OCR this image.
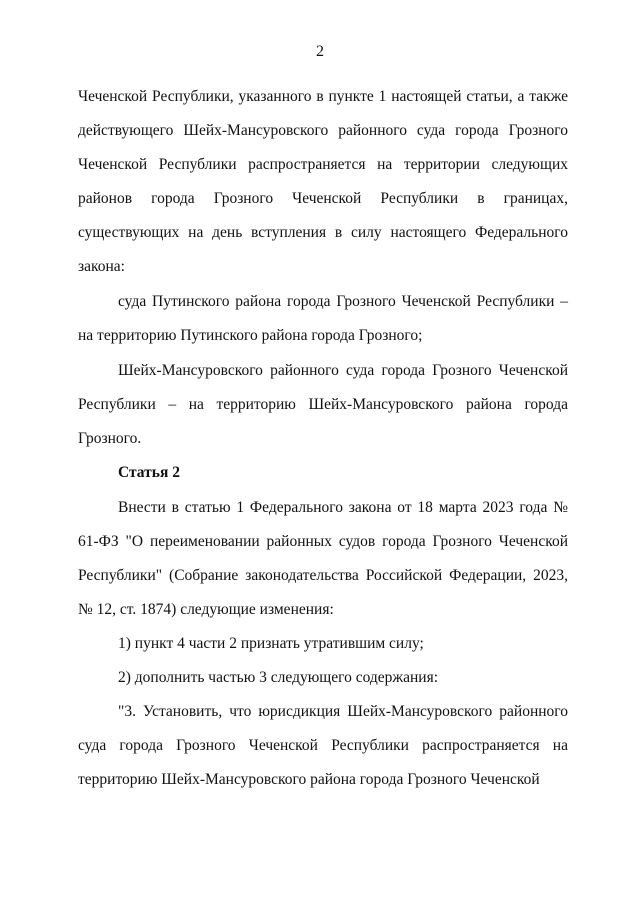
2

Чеченской Республики, указанного в пункте 1 настоящей статьи, а также действующего Шейх-Мансуровского районного суда города Грозного Чеченской Республики распространяется на территории следующих районов города Грозного Чеченской Республики в границах, существующих на день вступления в силу настоящего Федерального закона:

суда Путинского района города Грозного Чеченской Республики – на территорию Путинского района города Грозного;

Шейх-Мансуровского районного суда города Грозного Чеченской Республики – на территорию Шейх-Мансуровского района города Грозного.

Статья 2

Внести в статью 1 Федерального закона от 18 марта 2023 года № 61-ФЗ "О переименовании районных судов города Грозного Чеченской Республики" (Собрание законодательства Российской Федерации, 2023, № 12, ст. 1874) следующие изменения:

1) пункт 4 части 2 признать утратившим силу;

2) дополнить частью 3 следующего содержания:

"3. Установить, что юрисдикция Шейх-Мансуровского районного суда города Грозного Чеченской Республики распространяется на территорию Шейх-Мансуровского района города Грозного Чеченской
